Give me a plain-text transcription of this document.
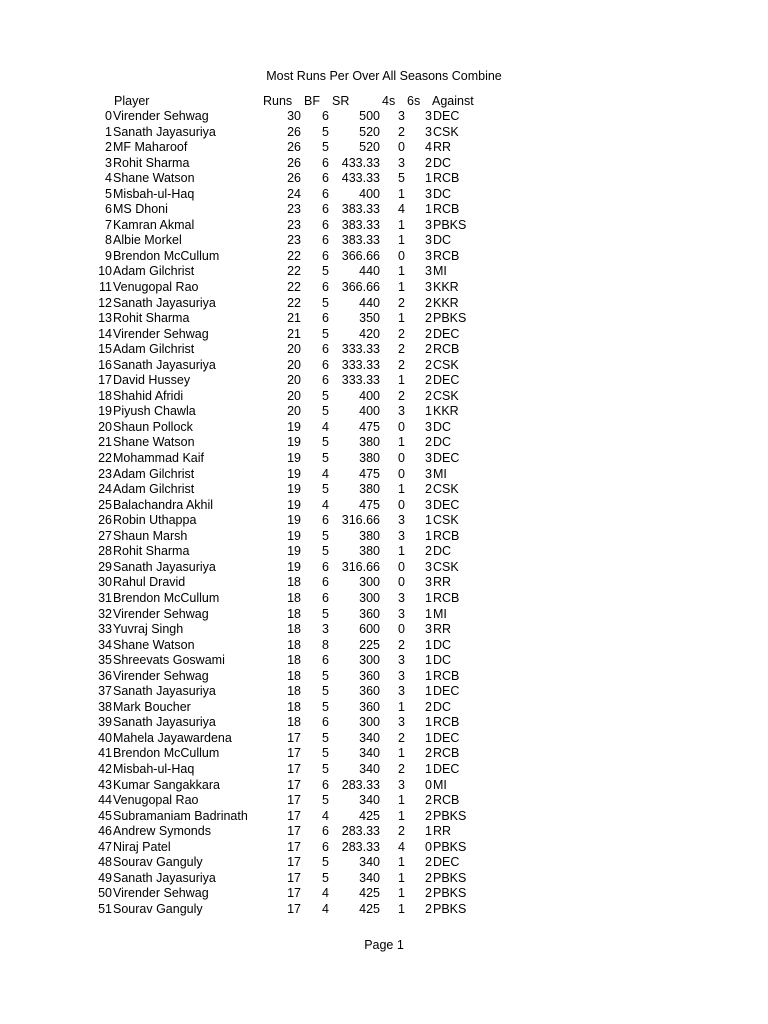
Most Runs Per Over All Seasons Combine
Player	Runs BF SR	4s 6s Against
0 Virender Sehwag	30 6 500 3 3 DEC
1 Sanath Jayasuriya	26 5 520 2 3 CSK
2 MF Maharoof	26 5 520 0 4 RR
3 Rohit Sharma	26 6 433.33 3 2 DC
4 Shane Watson	26 6 433.33 5 1 RCB
5 Misbah-ul-Haq	24 6 400 1 3 DC
6 MS Dhoni	23 6 383.33 4 1 RCB
7 Kamran Akmal	23 6 383.33 1 3 PBKS
8 Albie Morkel	23 6 383.33 1 3 DC
9 Brendon McCullum	22 6 366.66 0 3 RCB
10 Adam Gilchrist	22 5 440 1 3 MI
11 Venugopal Rao	22 6 366.66 1 3 KKR
12 Sanath Jayasuriya	22 5 440 2 2 KKR
13 Rohit Sharma	21 6 350 1 2 PBKS
14 Virender Sehwag	21 5 420 2 2 DEC
15 Adam Gilchrist	20 6 333.33 2 2 RCB
16 Sanath Jayasuriya	20 6 333.33 2 2 CSK
17 David Hussey	20 6 333.33 1 2 DEC
18 Shahid Afridi	20 5 400 2 2 CSK
19 Piyush Chawla	20 5 400 3 1 KKR
20 Shaun Pollock	19 4 475 0 3 DC
21 Shane Watson	19 5 380 1 2 DC
22 Mohammad Kaif	19 5 380 0 3 DEC
23 Adam Gilchrist	19 4 475 0 3 MI
24 Adam Gilchrist	19 5 380 1 2 CSK
25 Balachandra Akhil	19 4 475 0 3 DEC
26 Robin Uthappa	19 6 316.66 3 1 CSK
27 Shaun Marsh	19 5 380 3 1 RCB
28 Rohit Sharma	19 5 380 1 2 DC
29 Sanath Jayasuriya	19 6 316.66 0 3 CSK
30 Rahul Dravid	18 6 300 0 3 RR
31 Brendon McCullum	18 6 300 3 1 RCB
32 Virender Sehwag	18 5 360 3 1 MI
33 Yuvraj Singh	18 3 600 0 3 RR
34 Shane Watson	18 8 225 2 1 DC
35 Shreevats Goswami	18 6 300 3 1 DC
36 Virender Sehwag	18 5 360 3 1 RCB
37 Sanath Jayasuriya	18 5 360 3 1 DEC
38 Mark Boucher	18 5 360 1 2 DC
39 Sanath Jayasuriya	18 6 300 3 1 RCB
40 Mahela Jayawardena	17 5 340 2 1 DEC
41 Brendon McCullum	17 5 340 1 2 RCB
42 Misbah-ul-Haq	17 5 340 2 1 DEC
43 Kumar Sangakkara	17 6 283.33 3 0 MI
44 Venugopal Rao	17 5 340 1 2 RCB
45 Subramaniam Badrinath	17 4 425 1 2 PBKS
46 Andrew Symonds	17 6 283.33 2 1 RR
47 Niraj Patel	17 6 283.33 4 0 PBKS
48 Sourav Ganguly	17 5 340 1 2 DEC
49 Sanath Jayasuriya	17 5 340 1 2 PBKS
50 Virender Sehwag	17 4 425 1 2 PBKS
51 Sourav Ganguly	17 4 425 1 2 PBKS
Page 1
